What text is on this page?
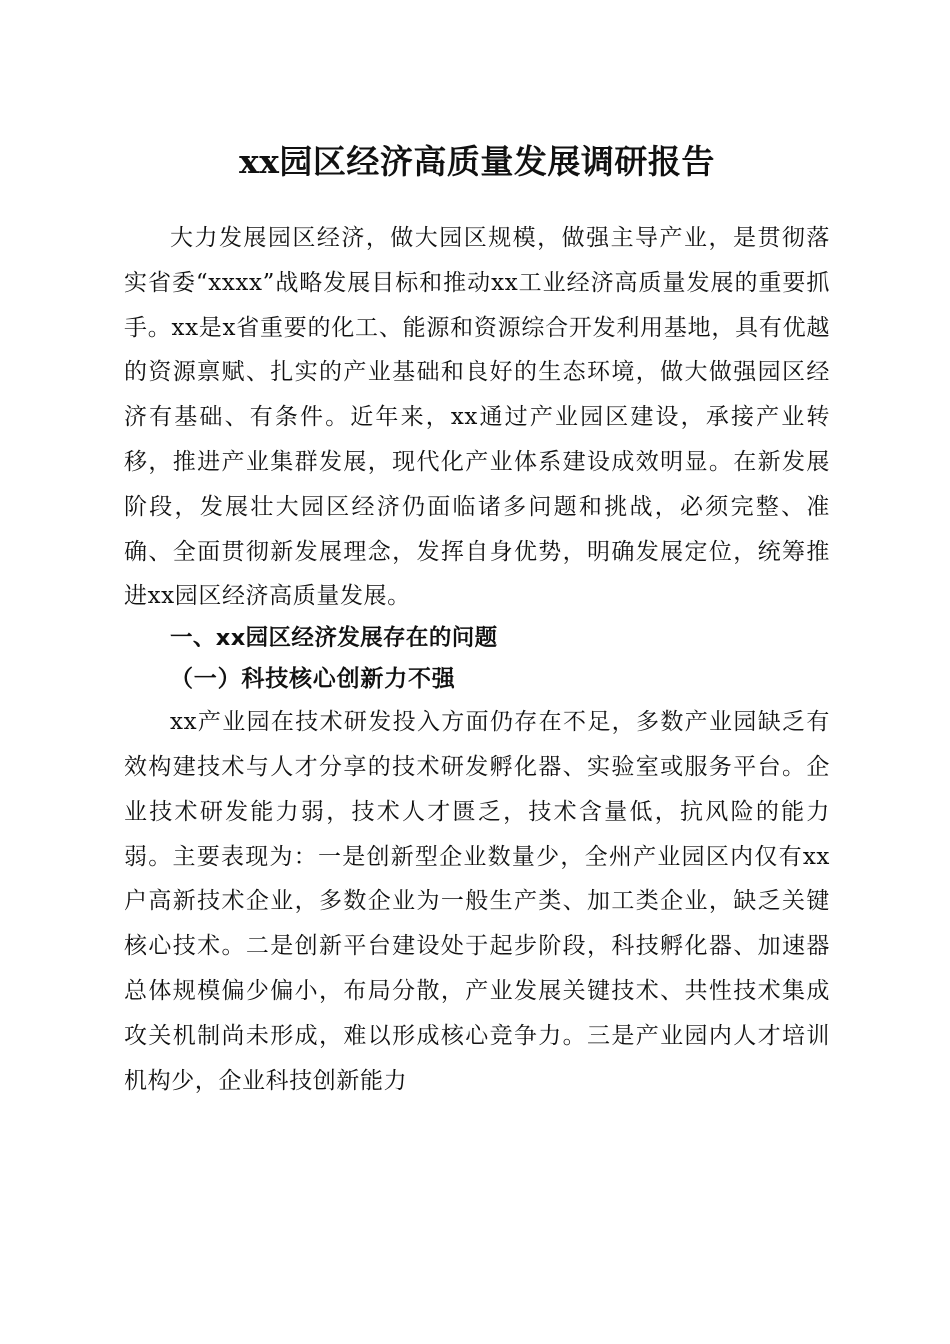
xx园区经济高质量发展调研报告

大力发展园区经济，做大园区规模，做强主导产业，是贯彻落实省委“xxxx”战略发展目标和推动xx工业经济高质量发展的重要抓手。xx是x省重要的化工、能源和资源综合开发利用基地，具有优越的资源禀赋、扎实的产业基础和良好的生态环境，做大做强园区经济有基础、有条件。近年来，xx通过产业园区建设，承接产业转移，推进产业集群发展，现代化产业体系建设成效明显。在新发展阶段，发展壮大园区经济仍面临诸多问题和挑战，必须完整、准确、全面贯彻新发展理念，发挥自身优势，明确发展定位，统筹推进xx园区经济高质量发展。

一、xx园区经济发展存在的问题
（一）科技核心创新力不强

xx产业园在技术研发投入方面仍存在不足，多数产业园缺乏有效构建技术与人才分享的技术研发孵化器、实验室或服务平台。企业技术研发能力弱，技术人才匮乏，技术含量低，抗风险的能力弱。主要表现为：一是创新型企业数量少，全州产业园区内仅有xx户高新技术企业，多数企业为一般生产类、加工类企业，缺乏关键核心技术。二是创新平台建设处于起步阶段，科技孵化器、加速器总体规模偏少偏小，布局分散，产业发展关键技术、共性技术集成攻关机制尚未形成，难以形成核心竞争力。三是产业园内人才培训机构少，企业科技创新能力
